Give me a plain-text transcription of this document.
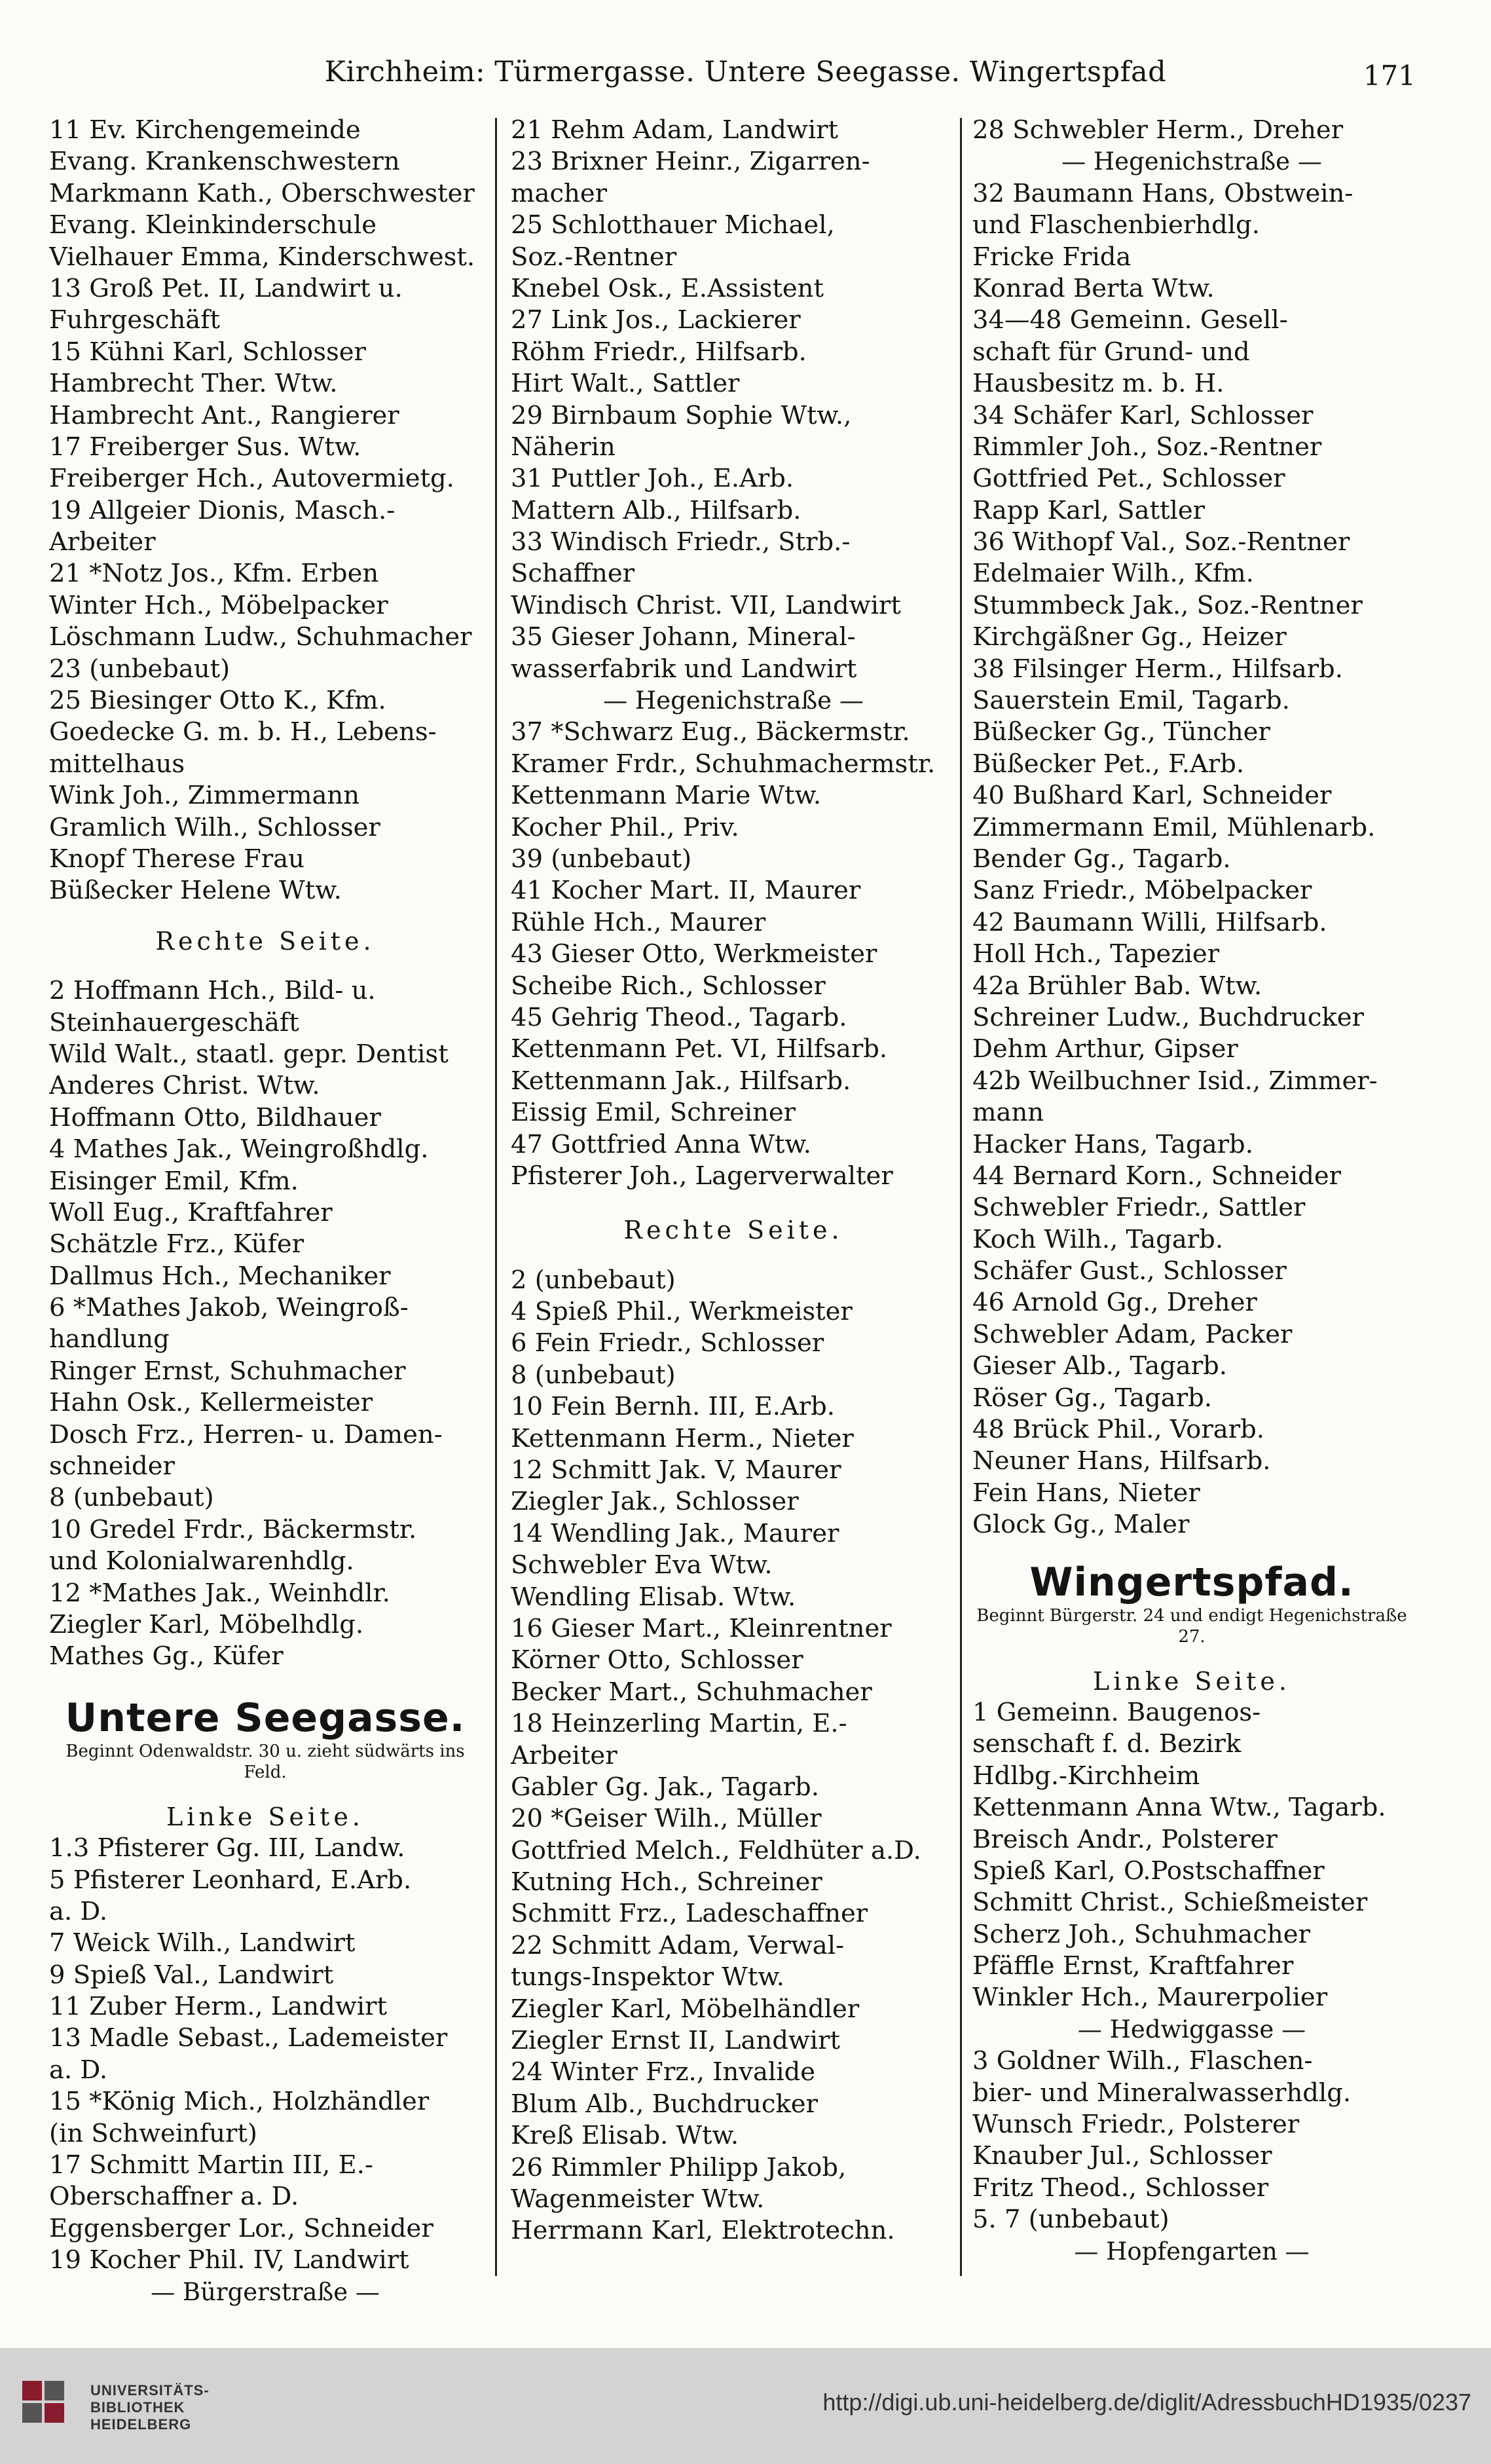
Kirchheim: Türmergasse. Untere Seegasse. Wingertspfad	171
11 Ev. Kirchengemeinde
Evang. Krankenschwestern
Markmann Kath., Oberschwester
Evang. Kleinkinderschule
Vielhauer Emma, Kinderschwest.
13 Groß Pet. II, Landwirt u.
Fuhrgeschäft
15 Kühni Karl, Schlosser
Hambrecht Ther. Wtw.
Hambrecht Ant., Rangierer
17 Freiberger Sus. Wtw.
Freiberger Hch., Autovermietg.
19 Allgeier Dionis, Masch.-
Arbeiter
21 *Notz Jos., Kfm. Erben
Winter Hch., Möbelpacker
Löschmann Ludw., Schuhmacher
23 (unbebaut)
25 Biesinger Otto K., Kfm.
Goedecke G. m. b. H., Lebens-
mittelhaus
Wink Joh., Zimmermann
Gramlich Wilh., Schlosser
Knopf Therese Frau
Büßecker Helene Wtw.
Rechte Seite.
2 Hoffmann Hch., Bild- u.
Steinhauergeschäft
Wild Walt., staatl. gepr. Dentist
Anderes Christ. Wtw.
Hoffmann Otto, Bildhauer
4 Mathes Jak., Weingroßhdlg.
Eisinger Emil, Kfm.
Woll Eug., Kraftfahrer
Schätzle Frz., Küfer
Dallmus Hch., Mechaniker
6 *Mathes Jakob, Weingroß-
handlung
Ringer Ernst, Schuhmacher
Hahn Osk., Kellermeister
Dosch Frz., Herren- u. Damen-
schneider
8 (unbebaut)
10 Gredel Frdr., Bäckermstr.
und Kolonialwarenhdlg.
12 *Mathes Jak., Weinhdlr.
Ziegler Karl, Möbelhdlg.
Mathes Gg., Küfer
Untere Seegasse.
Beginnt Odenwaldstr. 30 u. zieht südwärts ins Feld.
Linke Seite.
1.3 Pfisterer Gg. III, Landw.
5 Pfisterer Leonhard, E.Arb.
a. D.
7 Weick Wilh., Landwirt
9 Spieß Val., Landwirt
11 Zuber Herm., Landwirt
13 Madle Sebast., Lademeister
a. D.
15 *König Mich., Holzhändler
(in Schweinfurt)
17 Schmitt Martin III, E.-
Oberschaffner a. D.
Eggensberger Lor., Schneider
19 Kocher Phil. IV, Landwirt
— Bürgerstraße —
21 Rehm Adam, Landwirt
23 Brixner Heinr., Zigarren-
macher
25 Schlotthauer Michael,
Soz.-Rentner
Knebel Osk., E.Assistent
27 Link Jos., Lackierer
Röhm Friedr., Hilfsarb.
Hirt Walt., Sattler
29 Birnbaum Sophie Wtw.,
Näherin
31 Puttler Joh., E.Arb.
Mattern Alb., Hilfsarb.
33 Windisch Friedr., Strb.-
Schaffner
Windisch Christ. VII, Landwirt
35 Gieser Johann, Mineral-
wasserfabrik und Landwirt
— Hegenichstraße —
37 *Schwarz Eug., Bäckermstr.
Kramer Frdr., Schuhmachermstr.
Kettenmann Marie Wtw.
Kocher Phil., Priv.
39 (unbebaut)
41 Kocher Mart. II, Maurer
Rühle Hch., Maurer
43 Gieser Otto, Werkmeister
Scheibe Rich., Schlosser
45 Gehrig Theod., Tagarb.
Kettenmann Pet. VI, Hilfsarb.
Kettenmann Jak., Hilfsarb.
Eissig Emil, Schreiner
47 Gottfried Anna Wtw.
Pfisterer Joh., Lagerverwalter
Rechte Seite.
2 (unbebaut)
4 Spieß Phil., Werkmeister
6 Fein Friedr., Schlosser
8 (unbebaut)
10 Fein Bernh. III, E.Arb.
Kettenmann Herm., Nieter
12 Schmitt Jak. V, Maurer
Ziegler Jak., Schlosser
14 Wendling Jak., Maurer
Schwebler Eva Wtw.
Wendling Elisab. Wtw.
16 Gieser Mart., Kleinrentner
Körner Otto, Schlosser
Becker Mart., Schuhmacher
18 Heinzerling Martin, E.-
Arbeiter
Gabler Gg. Jak., Tagarb.
20 *Geiser Wilh., Müller
Gottfried Melch., Feldhüter a.D.
Kutning Hch., Schreiner
Schmitt Frz., Ladeschaffner
22 Schmitt Adam, Verwal-
tungs-Inspektor Wtw.
Ziegler Karl, Möbelhändler
Ziegler Ernst II, Landwirt
24 Winter Frz., Invalide
Blum Alb., Buchdrucker
Kreß Elisab. Wtw.
26 Rimmler Philipp Jakob,
Wagenmeister Wtw.
Herrmann Karl, Elektrotechn.
28 Schwebler Herm., Dreher
— Hegenichstraße —
32 Baumann Hans, Obstwein-
und Flaschenbierhdlg.
Fricke Frida
Konrad Berta Wtw.
34—48 Gemeinn. Gesell-
schaft für Grund- und
Hausbesitz m. b. H.
34 Schäfer Karl, Schlosser
Rimmler Joh., Soz.-Rentner
Gottfried Pet., Schlosser
Rapp Karl, Sattler
36 Withopf Val., Soz.-Rentner
Edelmaier Wilh., Kfm.
Stummbeck Jak., Soz.-Rentner
Kirchgäßner Gg., Heizer
38 Filsinger Herm., Hilfsarb.
Sauerstein Emil, Tagarb.
Büßecker Gg., Tüncher
Büßecker Pet., F.Arb.
40 Bußhard Karl, Schneider
Zimmermann Emil, Mühlenarb.
Bender Gg., Tagarb.
Sanz Friedr., Möbelpacker
42 Baumann Willi, Hilfsarb.
Holl Hch., Tapezier
42a Brühler Bab. Wtw.
Schreiner Ludw., Buchdrucker
Dehm Arthur, Gipser
42b Weilbuchner Isid., Zimmer-
mann
Hacker Hans, Tagarb.
44 Bernard Korn., Schneider
Schwebler Friedr., Sattler
Koch Wilh., Tagarb.
Schäfer Gust., Schlosser
46 Arnold Gg., Dreher
Schwebler Adam, Packer
Gieser Alb., Tagarb.
Röser Gg., Tagarb.
48 Brück Phil., Vorarb.
Neuner Hans, Hilfsarb.
Fein Hans, Nieter
Glock Gg., Maler
Wingertspfad.
Beginnt Bürgerstr. 24 und endigt Hegenichstraße 27.
Linke Seite.
1 Gemeinn. Baugenos-
senschaft f. d. Bezirk
Hdlbg.-Kirchheim
Kettenmann Anna Wtw., Tagarb.
Breisch Andr., Polsterer
Spieß Karl, O.Postschaffner
Schmitt Christ., Schießmeister
Scherz Joh., Schuhmacher
Pfäffle Ernst, Kraftfahrer
Winkler Hch., Maurerpolier
— Hedwiggasse —
3 Goldner Wilh., Flaschen-
bier- und Mineralwasserhdlg.
Wunsch Friedr., Polsterer
Knauber Jul., Schlosser
Fritz Theod., Schlosser
5. 7 (unbebaut)
— Hopfengarten —
UNIVERSITÄTS-
BIBLIOTHEK
HEIDELBERG
http://digi.ub.uni-heidelberg.de/diglit/AdressbuchHD1935/0237
